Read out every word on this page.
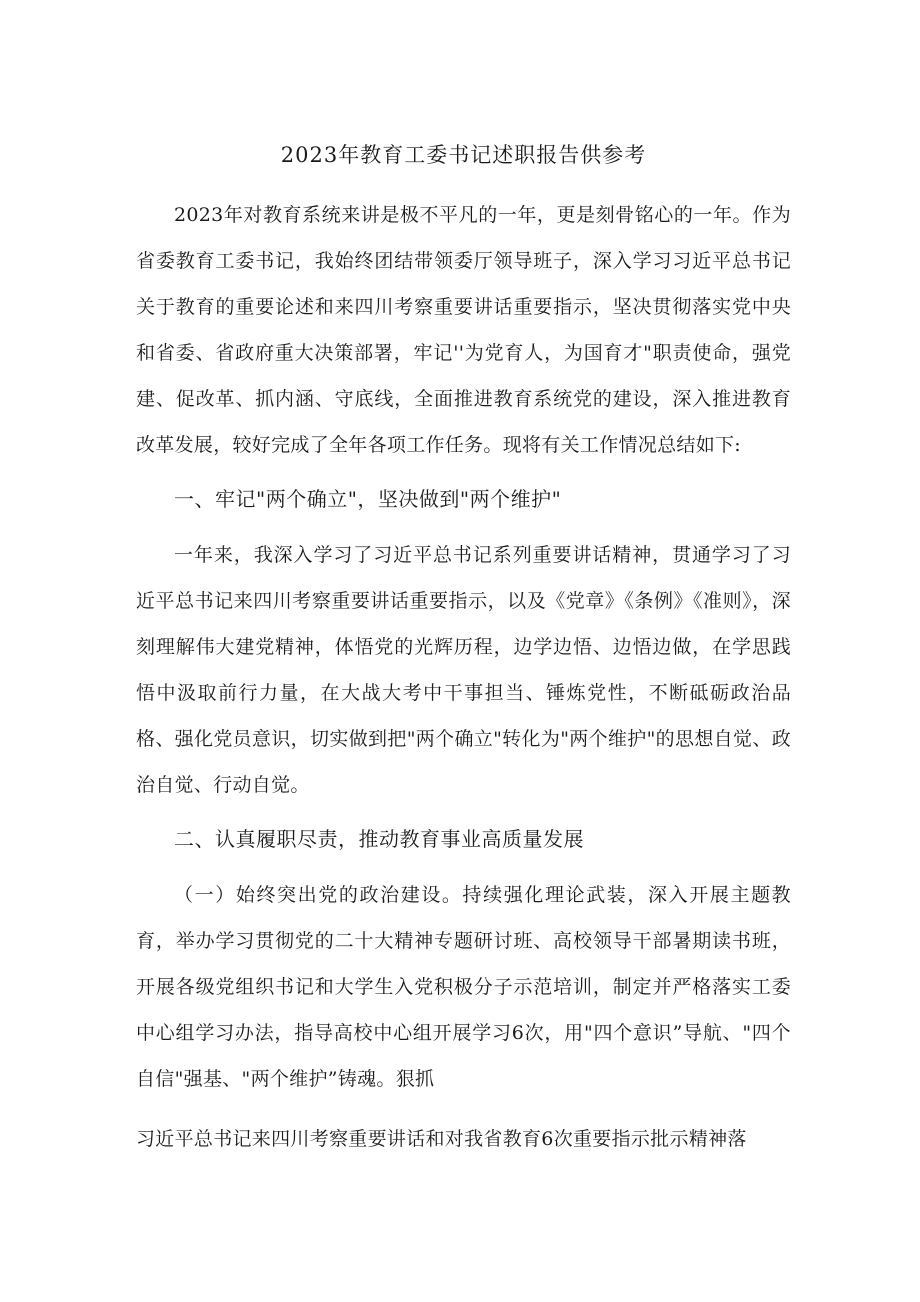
2023年教育工委书记述职报告供参考

2023年对教育系统来讲是极不平凡的一年，更是刻骨铭心的一年。作为省委教育工委书记，我始终团结带领委厅领导班子，深入学习习近平总书记关于教育的重要论述和来四川考察重要讲话重要指示，坚决贯彻落实党中央和省委、省政府重大决策部署，牢记''为党育人，为国育才"职责使命，强党建、促改革、抓内涵、守底线，全面推进教育系统党的建设，深入推进教育改革发展，较好完成了全年各项工作任务。现将有关工作情况总结如下:

一、牢记"两个确立"，坚决做到"两个维护"

一年来，我深入学习了习近平总书记系列重要讲话精神，贯通学习了习近平总书记来四川考察重要讲话重要指示，以及《党章》《条例》《准则》，深刻理解伟大建党精神，体悟党的光辉历程，边学边悟、边悟边做，在学思践悟中汲取前行力量，在大战大考中干事担当、锤炼党性，不断砥砺政治品格、强化党员意识，切实做到把"两个确立"转化为"两个维护"的思想自觉、政治自觉、行动自觉。

二、认真履职尽责，推动教育事业高质量发展

（一）始终突出党的政治建设。持续强化理论武装，深入开展主题教育，举办学习贯彻党的二十大精神专题研讨班、高校领导干部暑期读书班，开展各级党组织书记和大学生入党积极分子示范培训，制定并严格落实工委中心组学习办法，指导高校中心组开展学习6次，用"四个意识”导航、"四个自信"强基、"两个维护”铸魂。狠抓

习近平总书记来四川考察重要讲话和对我省教育6次重要指示批示精神落
